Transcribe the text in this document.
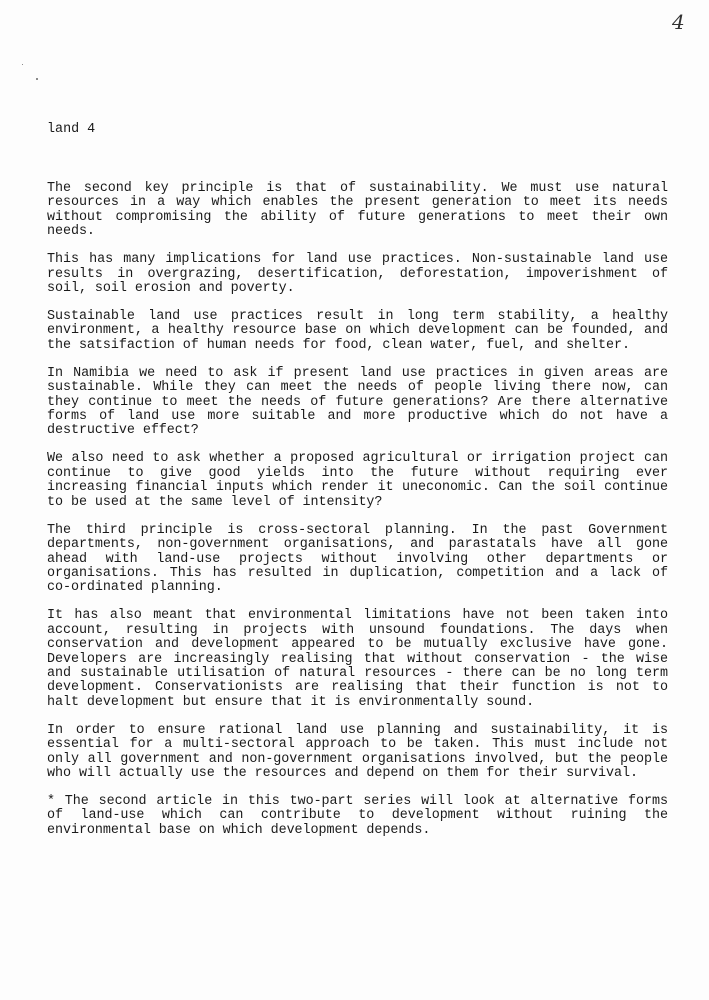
4
land 4

The second key principle is that of sustainability. We must use natural resources in a way which enables the present generation to meet its needs without compromising the ability of future generations to meet their own needs.

This has many implications for land use practices. Non-sustainable land use results in overgrazing, desertification, deforestation, impoverishment of soil, soil erosion and poverty.

Sustainable land use practices result in long term stability, a healthy environment, a healthy resource base on which development can be founded, and the satsifaction of human needs for food, clean water, fuel, and shelter.

In Namibia we need to ask if present land use practices in given areas are sustainable. While they can meet the needs of people living there now, can they continue to meet the needs of future generations? Are there alternative forms of land use more suitable and more productive which do not have a destructive effect?

We also need to ask whether a proposed agricultural or irrigation project can continue to give good yields into the future without requiring ever increasing financial inputs which render it uneconomic. Can the soil continue to be used at the same level of intensity?

The third principle is cross-sectoral planning. In the past Government departments, non-government organisations, and parastatals have all gone ahead with land-use projects without involving other departments or organisations. This has resulted in duplication, competition and a lack of co-ordinated planning.

It has also meant that environmental limitations have not been taken into account, resulting in projects with unsound foundations. The days when conservation and development appeared to be mutually exclusive have gone. Developers are increasingly realising that without conservation - the wise and sustainable utilisation of natural resources - there can be no long term development. Conservationists are realising that their function is not to halt development but ensure that it is environmentally sound.

In order to ensure rational land use planning and sustainability, it is essential for a multi-sectoral approach to be taken. This must include not only all government and non-government organisations involved, but the people who will actually use the resources and depend on them for their survival.

* The second article in this two-part series will look at alternative forms of land-use which can contribute to development without ruining the environmental base on which development depends.
